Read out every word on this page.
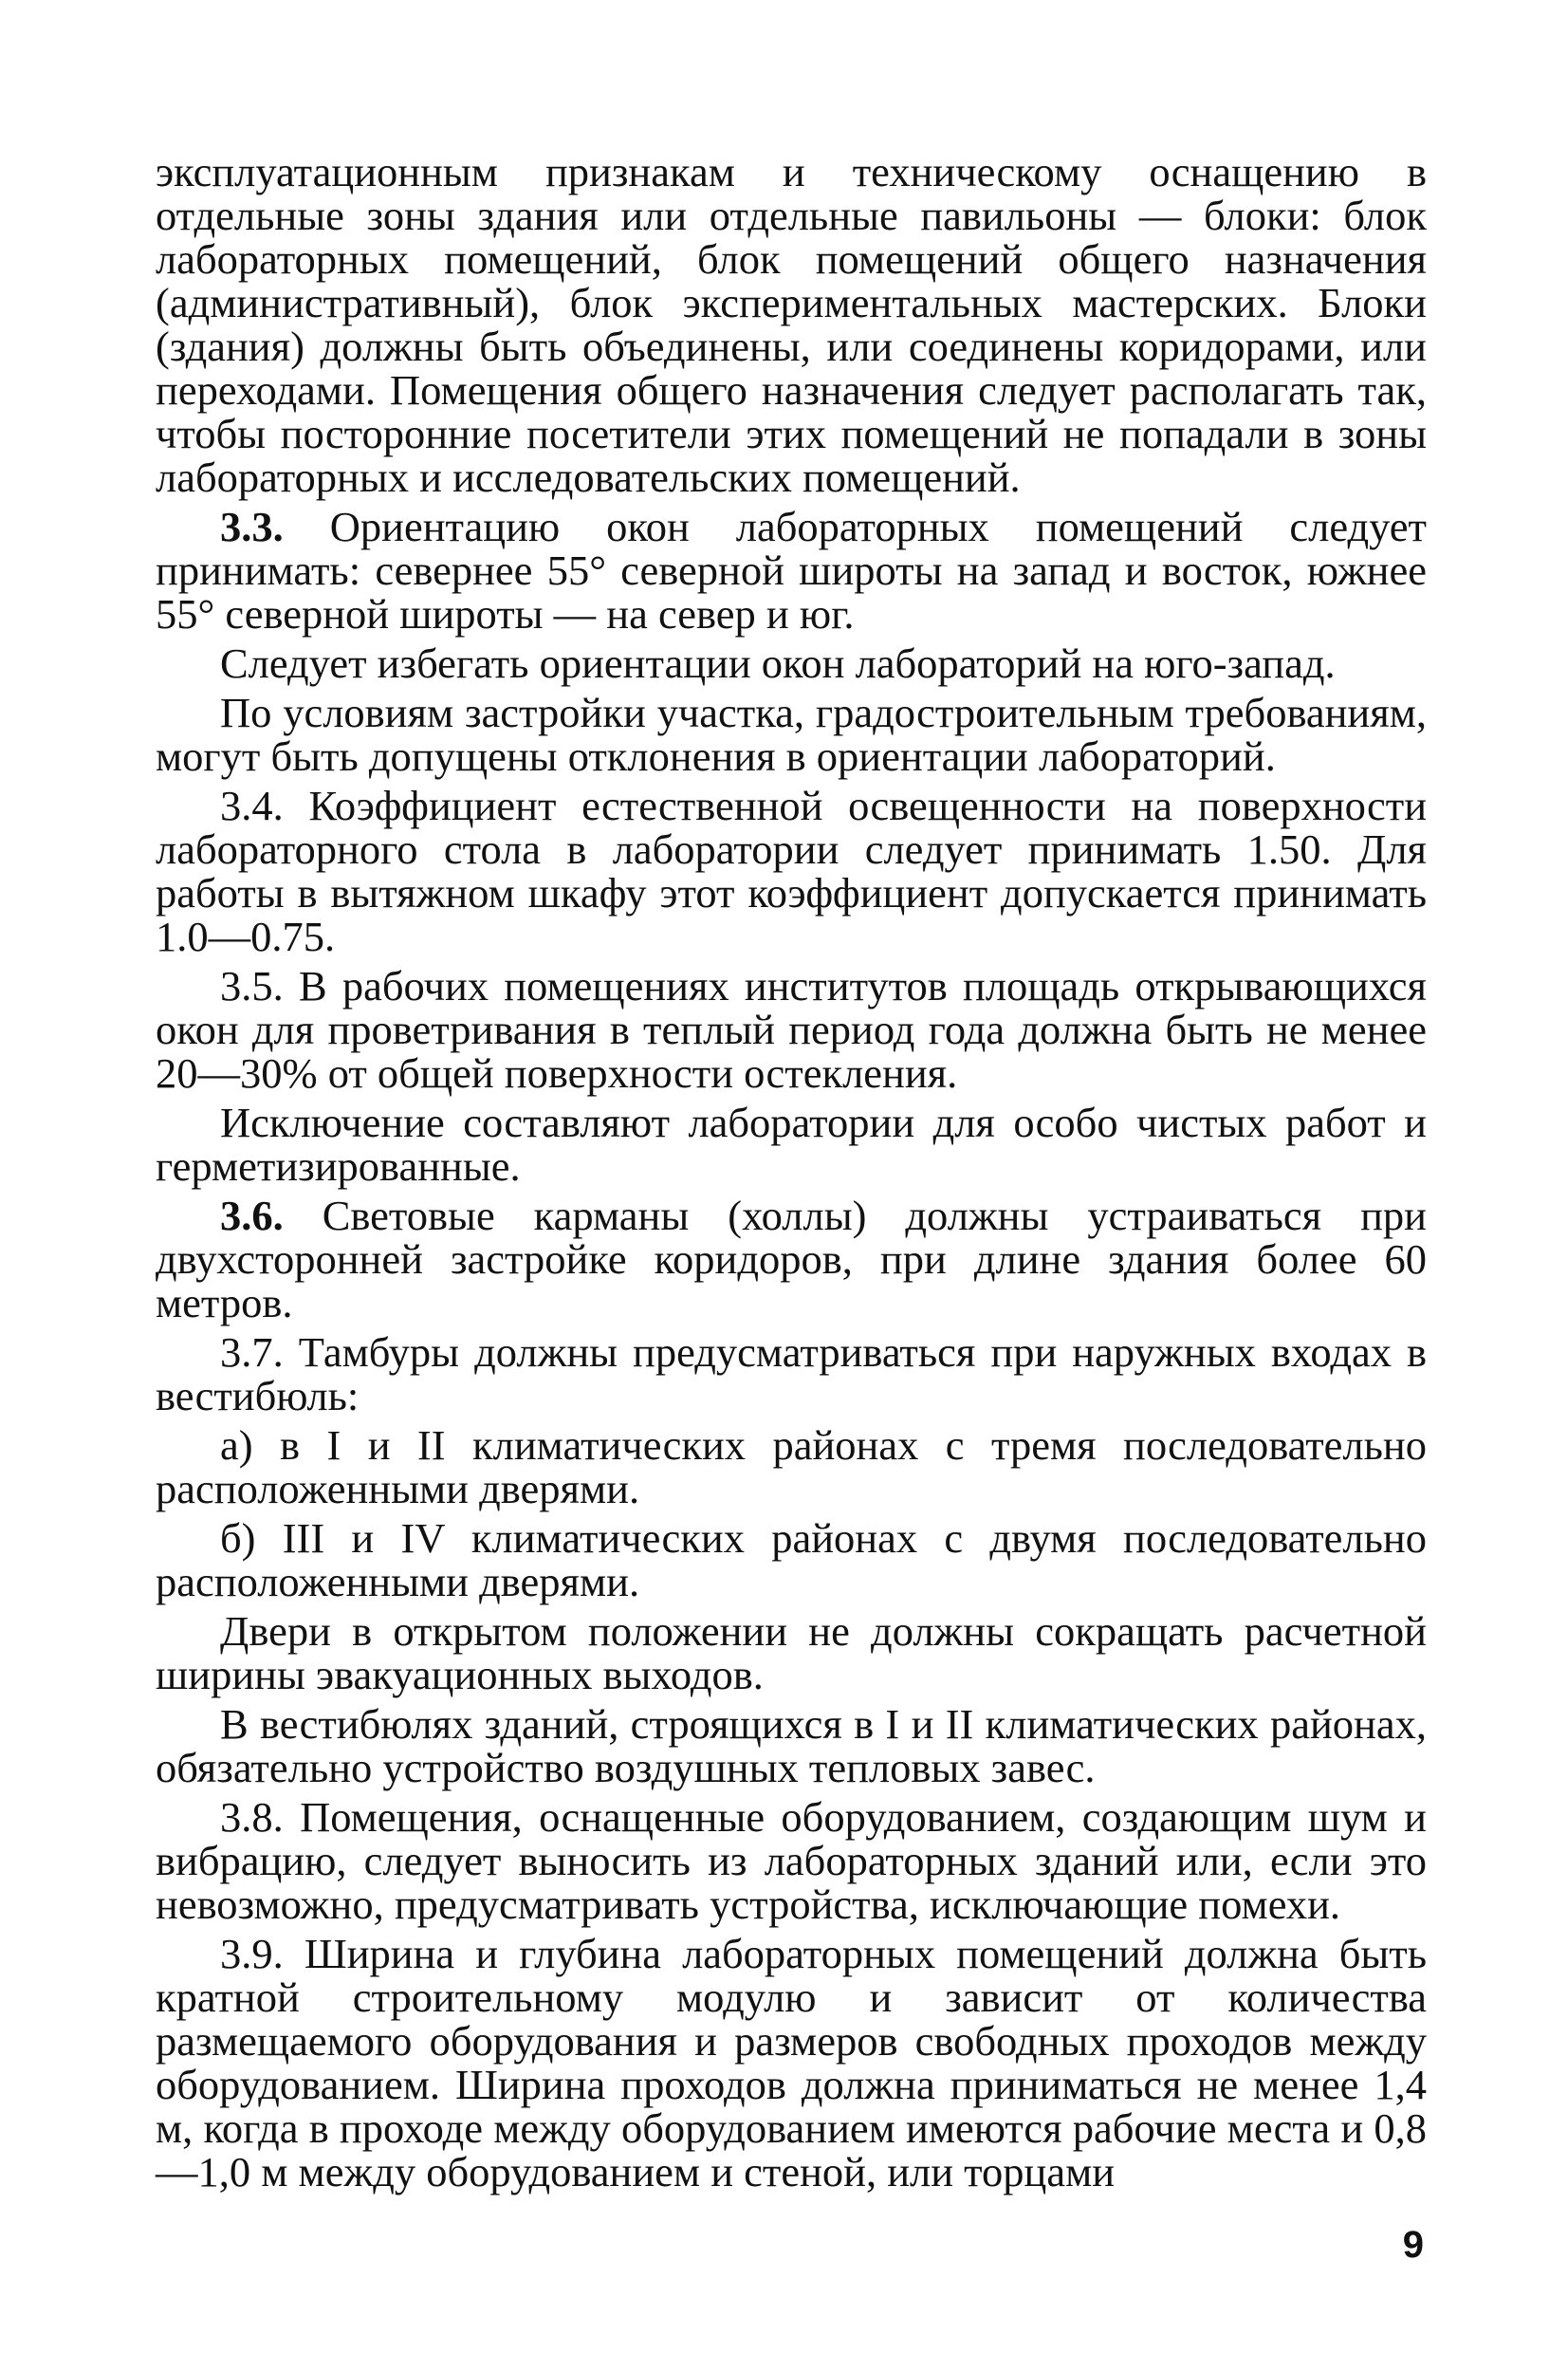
эксплуатационным признакам и техническому оснащению в отдельные зоны здания или отдельные павильоны — блоки: блок лабораторных помещений, блок помещений общего назначения (административный), блок экспериментальных мастерских. Блоки (здания) должны быть объединены, или соединены коридорами, или переходами. Помещения общего назначения следует располагать так, чтобы посторонние посетители этих помещений не попадали в зоны лабораторных и исследовательских помещений.

3.3. Ориентацию окон лабораторных помещений следует принимать: севернее 55° северной широты на запад и восток, южнее 55° северной широты — на север и юг.

Следует избегать ориентации окон лабораторий на юго-запад.

По условиям застройки участка, градостроительным требованиям, могут быть допущены отклонения в ориентации лабораторий.

3.4. Коэффициент естественной освещенности на поверхности лабораторного стола в лаборатории следует принимать 1.50. Для работы в вытяжном шкафу этот коэффициент допускается принимать 1.0—0.75.

3.5. В рабочих помещениях институтов площадь открывающихся окон для проветривания в теплый период года должна быть не менее 20—30% от общей поверхности остекления.

Исключение составляют лаборатории для особо чистых работ и герметизированные.

3.6. Световые карманы (холлы) должны устраиваться при двухсторонней застройке коридоров, при длине здания более 60 метров.

3.7. Тамбуры должны предусматриваться при наружных входах в вестибюль:

а) в I и II климатических районах с тремя последовательно расположенными дверями.

б) III и IV климатических районах с двумя последовательно расположенными дверями.

Двери в открытом положении не должны сокращать расчетной ширины эвакуационных выходов.

В вестибюлях зданий, строящихся в I и II климатических районах, обязательно устройство воздушных тепловых завес.

3.8. Помещения, оснащенные оборудованием, создающим шум и вибрацию, следует выносить из лабораторных зданий или, если это невозможно, предусматривать устройства, исключающие помехи.

3.9. Ширина и глубина лабораторных помещений должна быть кратной строительному модулю и зависит от количества размещаемого оборудования и размеров свободных проходов между оборудованием. Ширина проходов должна приниматься не менее 1,4 м, когда в проходе между оборудованием имеются рабочие места и 0,8—1,0 м между оборудованием и стеной, или торцами

9
